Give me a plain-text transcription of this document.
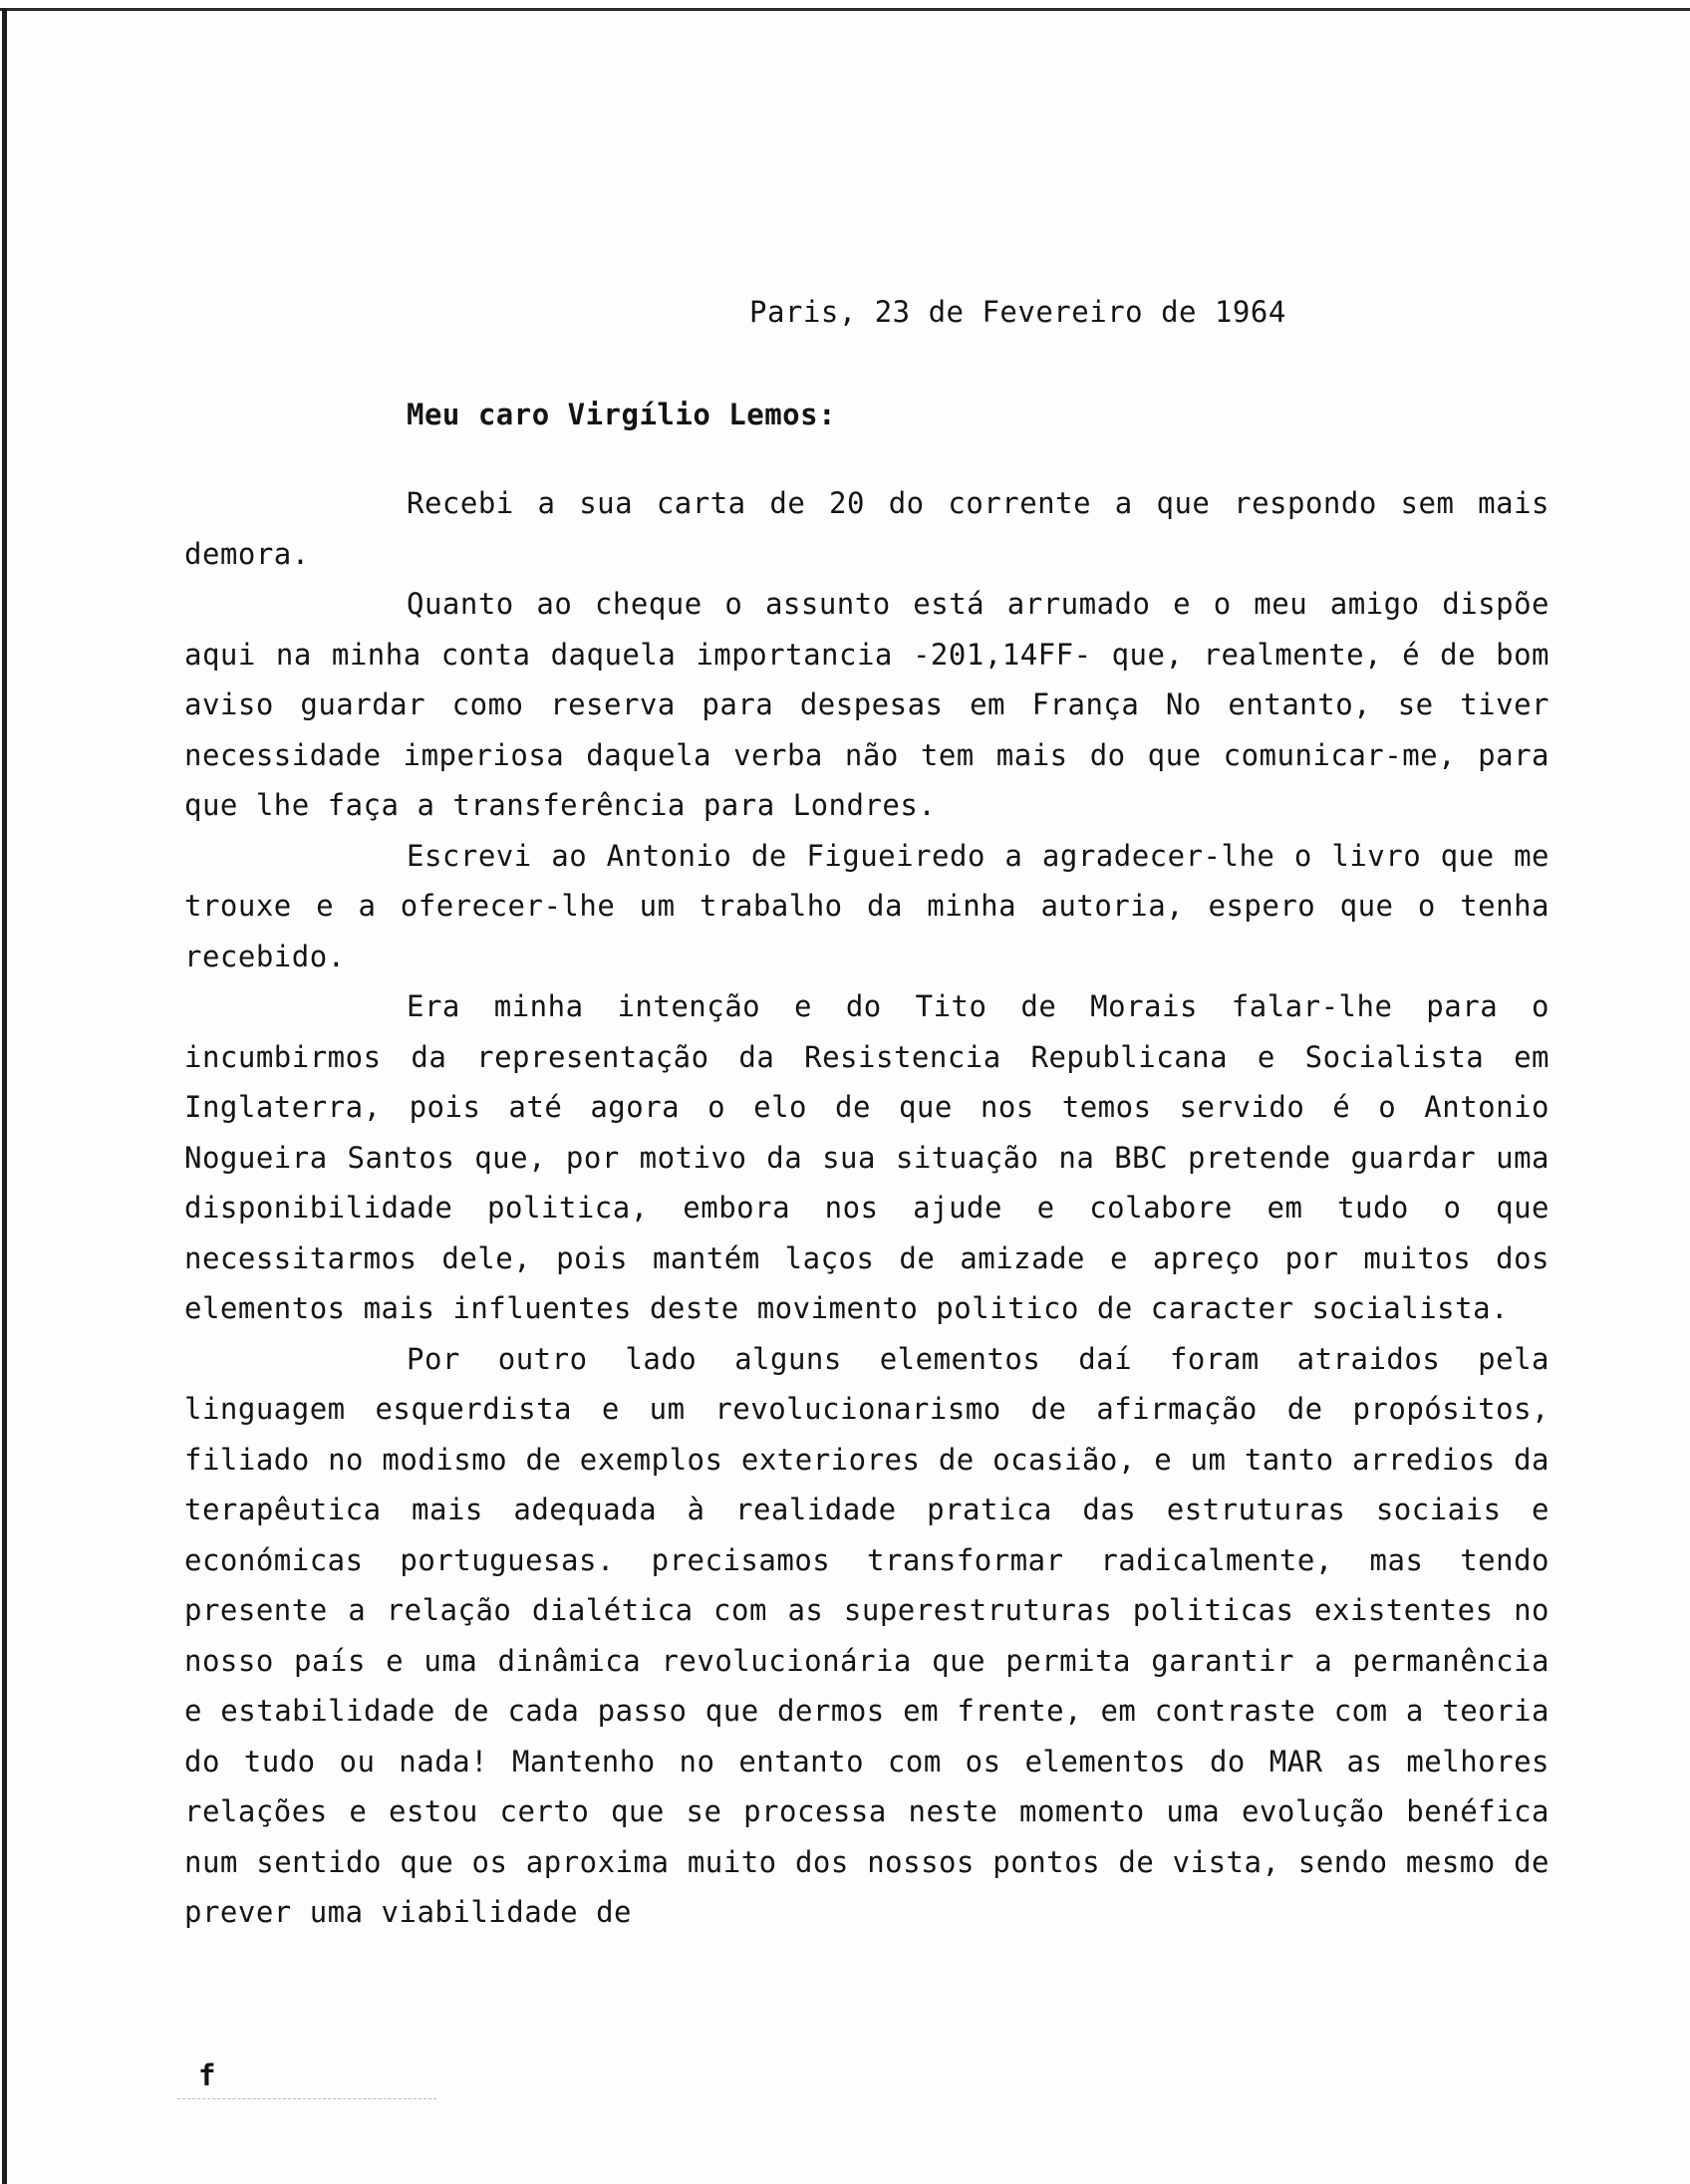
Paris, 23 de Fevereiro de 1964
Meu caro Virgílio Lemos:

Recebi a sua carta de 20 do corrente a que respondo sem mais demora.

Quanto ao cheque o assunto está arrumado e o meu amigo dispõe aqui na minha conta daquela importancia -201,14FF- que, realmente, é de bom aviso guardar como reserva para despesas em França No entanto, se tiver necessidade imperiosa daquela verba não tem mais do que comunicar-me, para que lhe faça a transferência para Londres.

Escrevi ao Antonio de Figueiredo a agradecer-lhe o livro que me trouxe e a oferecer-lhe um trabalho da minha autoria, espero que o tenha recebido.

Era minha intenção e do Tito de Morais falar-lhe para o incumbirmos da representação da Resistencia Republicana e Socialista em Inglaterra, pois até agora o elo de que nos temos servido é o Antonio Nogueira Santos que, por motivo da sua situação na BBC pretende guardar uma disponibilidade politica, embora nos ajude e colabore em tudo o que necessitarmos dele, pois mantém laços de amizade e apreço por muitos dos elementos mais influentes deste movimento politico de caracter socialista.

Por outro lado alguns elementos daí foram atraidos pela linguagem esquerdista e um revolucionarismo de afirmação de propósitos, filiado no modismo de exemplos exteriores de ocasião, e um tanto arredios da terapêutica mais adequada à realidade pratica das estruturas sociais e económicas portuguesas. precisamos transformar radicalmente, mas tendo presente a relação dialética com as superestruturas politicas existentes no nosso país e uma dinâmica revolucionária que permita garantir a permanência e estabilidade de cada passo que dermos em frente, em contraste com a teoria do tudo ou nada! Mantenho no entanto com os elementos do MAR as melhores relações e estou certo que se processa neste momento uma evolução benéfica num sentido que os aproxima muito dos nossos pontos de vista, sendo mesmo de prever uma viabilidade de

f
